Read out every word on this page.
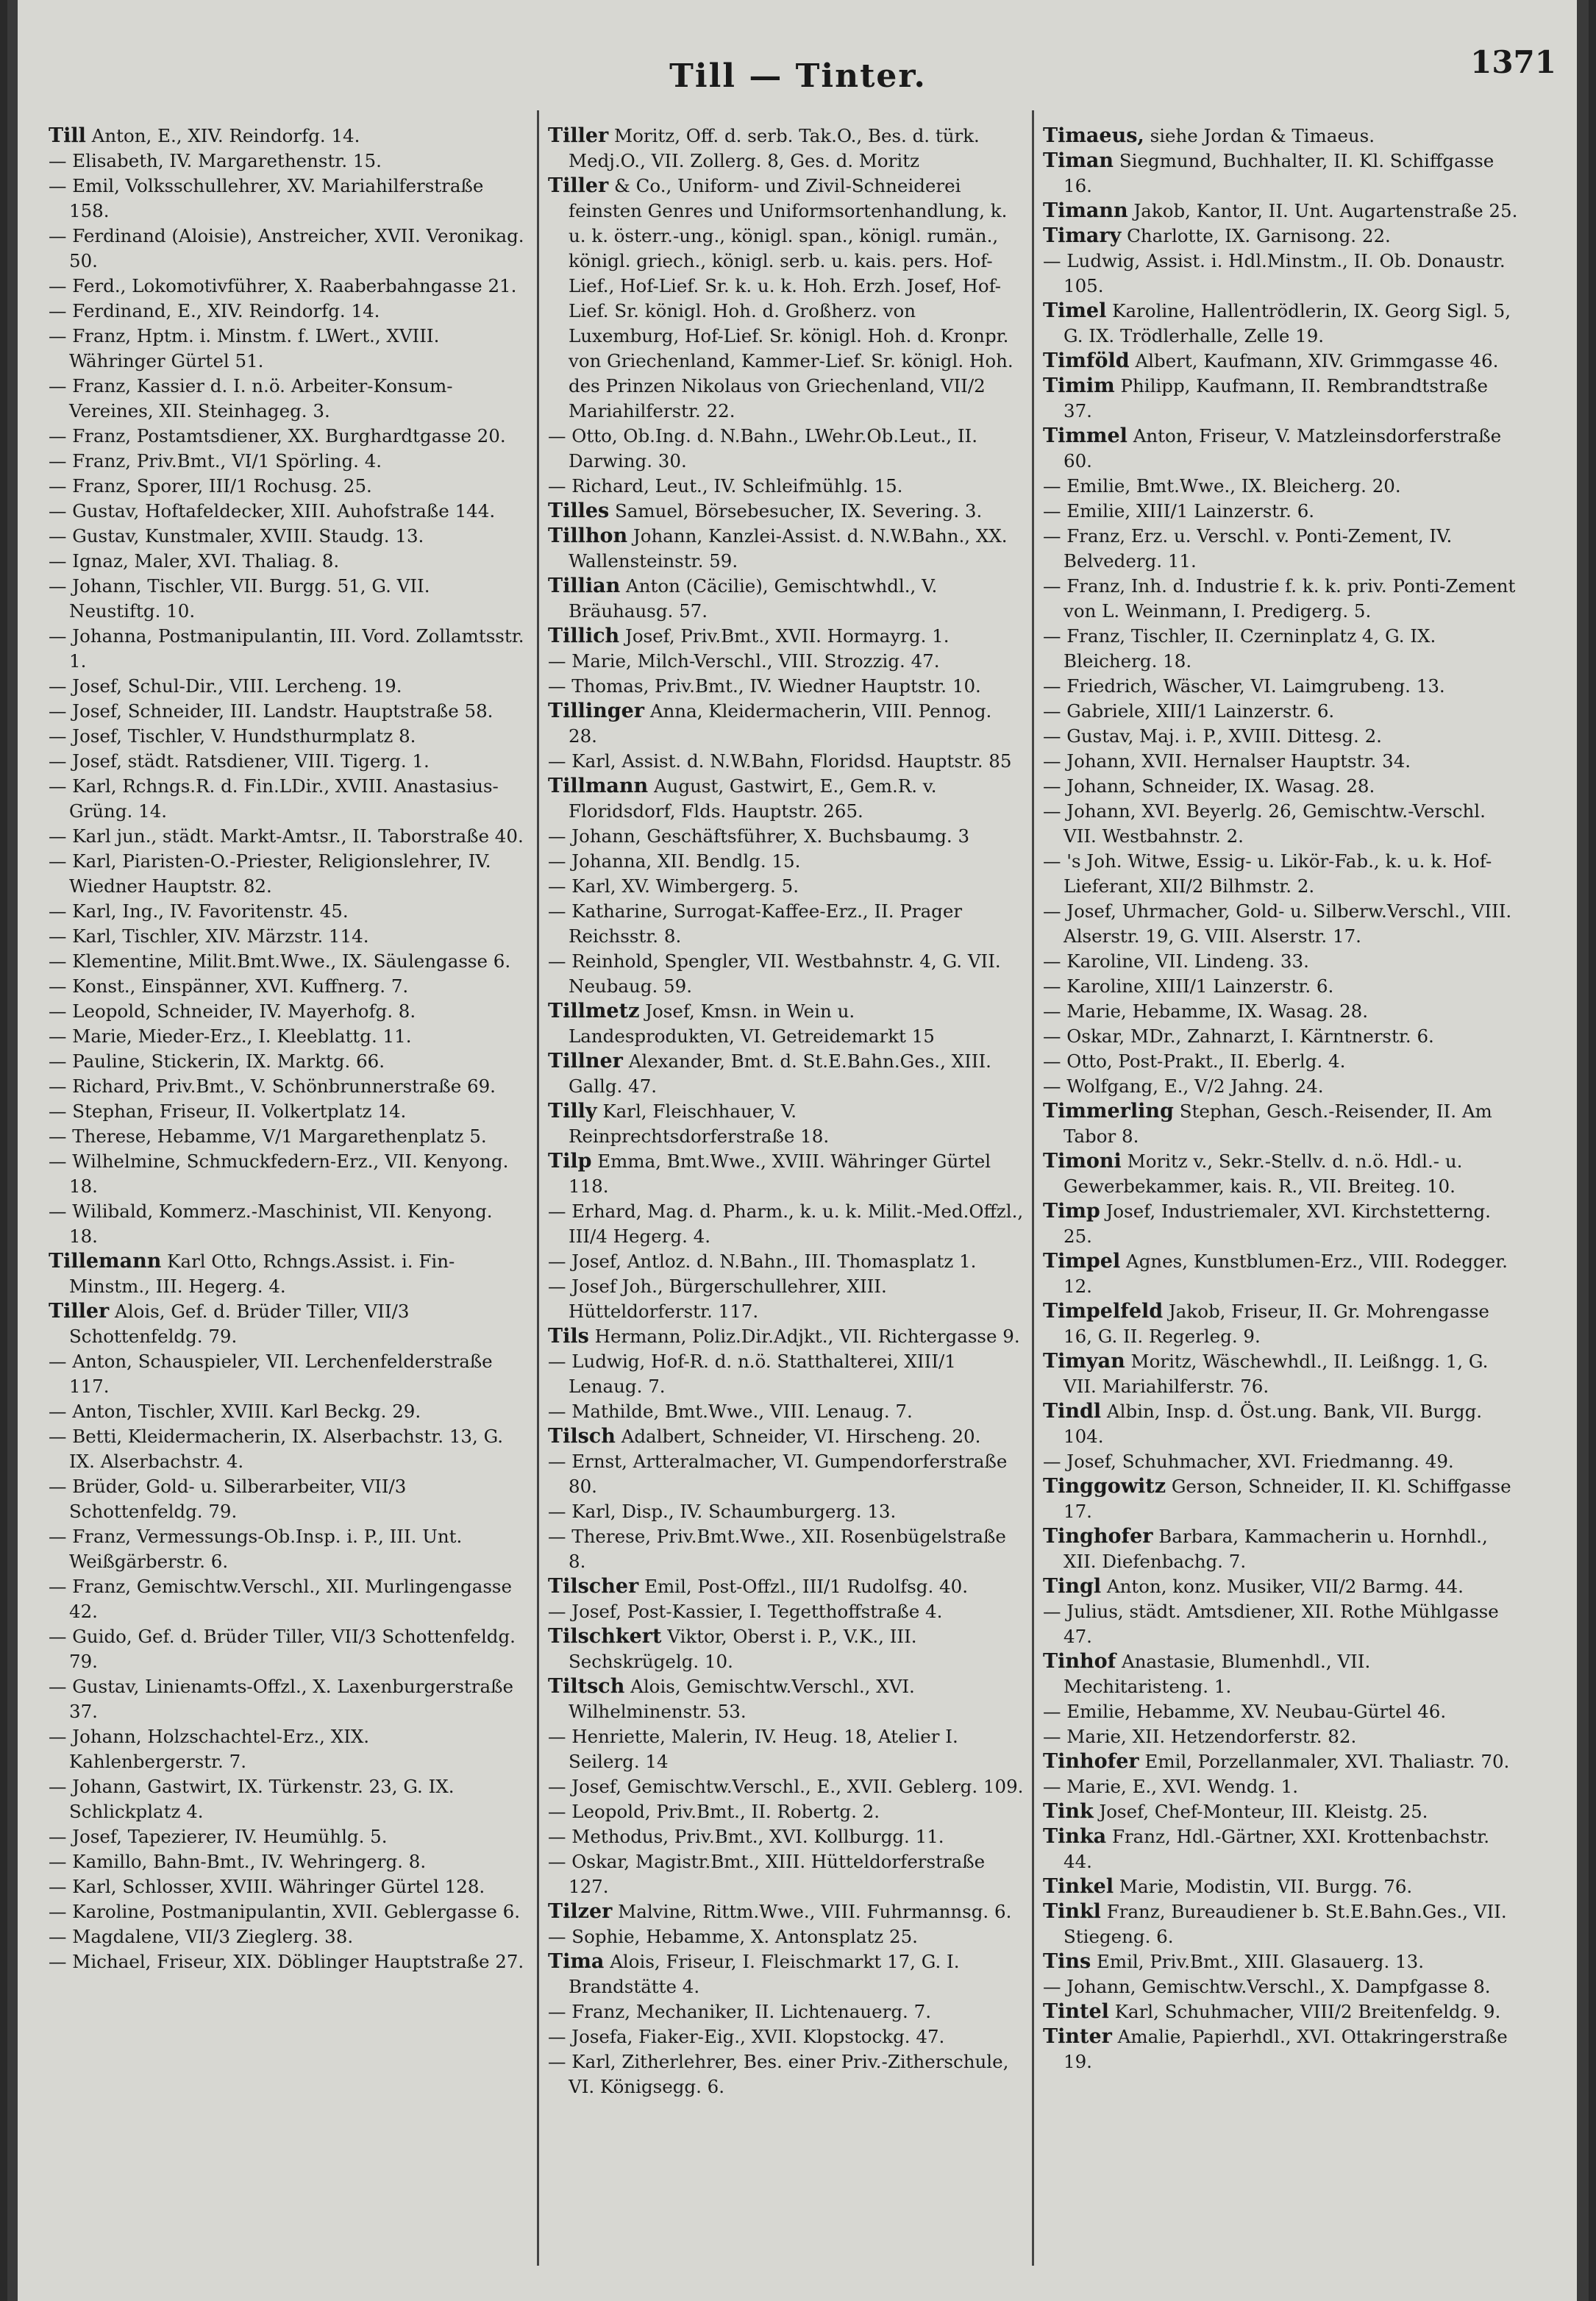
Till — Tinter.	1371

Till Anton, E., XIV. Reindorfg. 14.

— Elisabeth, IV. Margarethenstr. 15.

— Emil, Volksschullehrer, XV. Mariahilferstraße 158.

— Ferdinand (Aloisie), Anstreicher, XVII. Veronikag. 50.

— Ferd., Lokomotivführer, X. Raaberbahngasse 21.

— Ferdinand, E., XIV. Reindorfg. 14.

— Franz, Hptm. i. Minstm. f. LWert., XVIII. Währinger Gürtel 51.

— Franz, Kassier d. I. n.ö. Arbeiter-Konsum-Vereines, XII. Steinhageg. 3.

— Franz, Postamtsdiener, XX. Burghardtgasse 20.

— Franz, Priv.Bmt., VI/1 Spörling. 4.

— Franz, Sporer, III/1 Rochusg. 25.

— Gustav, Hoftafeldecker, XIII. Auhofstraße 144.

— Gustav, Kunstmaler, XVIII. Staudg. 13.

— Ignaz, Maler, XVI. Thaliag. 8.

— Johann, Tischler, VII. Burgg. 51, G. VII. Neustiftg. 10.

— Johanna, Postmanipulantin, III. Vord. Zollamtsstr. 1.

— Josef, Schul-Dir., VIII. Lercheng. 19.

— Josef, Schneider, III. Landstr. Hauptstraße 58.

— Josef, Tischler, V. Hundsthurmplatz 8.

— Josef, städt. Ratsdiener, VIII. Tigerg. 1.

— Karl, Rchngs.R. d. Fin.LDir., XVIII. Anastasius-Grüng. 14.

— Karl jun., städt. Markt-Amtsr., II. Taborstraße 40.

— Karl, Piaristen-O.-Priester, Religionslehrer, IV. Wiedner Hauptstr. 82.

— Karl, Ing., IV. Favoritenstr. 45.

— Karl, Tischler, XIV. Märzstr. 114.

— Klementine, Milit.Bmt.Wwe., IX. Säulengasse 6.

— Konst., Einspänner, XVI. Kuffnerg. 7.

— Leopold, Schneider, IV. Mayerhofg. 8.

— Marie, Mieder-Erz., I. Kleeblattg. 11.

— Pauline, Stickerin, IX. Marktg. 66.

— Richard, Priv.Bmt., V. Schönbrunnerstraße 69.

— Stephan, Friseur, II. Volkertplatz 14.

— Therese, Hebamme, V/1 Margarethenplatz 5.

— Wilhelmine, Schmuckfedern-Erz., VII. Kenyong. 18.

— Wilibald, Kommerz.-Maschinist, VII. Kenyong. 18.

Tillemann Karl Otto, Rchngs.Assist. i. Fin-Minstm., III. Hegerg. 4.

Tiller Alois, Gef. d. Brüder Tiller, VII/3 Schottenfeldg. 79.

— Anton, Schauspieler, VII. Lerchenfelderstraße 117.

— Anton, Tischler, XVIII. Karl Beckg. 29.

— Betti, Kleidermacherin, IX. Alserbachstr. 13, G. IX. Alserbachstr. 4.

— Brüder, Gold- u. Silberarbeiter, VII/3 Schottenfeldg. 79.

— Franz, Vermessungs-Ob.Insp. i. P., III. Unt. Weißgärberstr. 6.

— Franz, Gemischtw.Verschl., XII. Murlingengasse 42.

— Guido, Gef. d. Brüder Tiller, VII/3 Schottenfeldg. 79.

— Gustav, Linienamts-Offzl., X. Laxenburgerstraße 37.

— Johann, Holzschachtel-Erz., XIX. Kahlenbergerstr. 7.

— Johann, Gastwirt, IX. Türkenstr. 23, G. IX. Schlickplatz 4.

— Josef, Tapezierer, IV. Heumühlg. 5.

— Kamillo, Bahn-Bmt., IV. Wehringerg. 8.

— Karl, Schlosser, XVIII. Währinger Gürtel 128.

— Karoline, Postmanipulantin, XVII. Geblergasse 6.

— Magdalene, VII/3 Zieglerg. 38.

— Michael, Friseur, XIX. Döblinger Hauptstraße 27.

Tiller Moritz, Off. d. serb. Tak.O., Bes. d. türk. Medj.O., VII. Zollerg. 8, Ges. d. Moritz

Tiller & Co., Uniform- und Zivil-Schneiderei feinsten Genres und Uniformsortenhandlung, k. u. k. österr.-ung., königl. span., königl. rumän., königl. griech., königl. serb. u. kais. pers. Hof-Lief., Hof-Lief. Sr. k. u. k. Hoh. Erzh. Josef, Hof-Lief. Sr. königl. Hoh. d. Großherz. von Luxemburg, Hof-Lief. Sr. königl. Hoh. d. Kronpr. von Griechenland, Kammer-Lief. Sr. königl. Hoh. des Prinzen Nikolaus von Griechenland, VII/2 Mariahilferstr. 22.

— Otto, Ob.Ing. d. N.Bahn., LWehr.Ob.Leut., II. Darwing. 30.

— Richard, Leut., IV. Schleifmühlg. 15.

Tilles Samuel, Börsebesucher, IX. Severing. 3.

Tillhon Johann, Kanzlei-Assist. d. N.W.Bahn., XX. Wallensteinstr. 59.

Tillian Anton (Cäcilie), Gemischtwhdl., V. Bräuhausg. 57.

Tillich Josef, Priv.Bmt., XVII. Hormayrg. 1.

— Marie, Milch-Verschl., VIII. Strozzig. 47.

— Thomas, Priv.Bmt., IV. Wiedner Hauptstr. 10.

Tillinger Anna, Kleidermacherin, VIII. Pennog. 28.

— Karl, Assist. d. N.W.Bahn, Floridsd. Hauptstr. 85

Tillmann August, Gastwirt, E., Gem.R. v. Floridsdorf, Flds. Hauptstr. 265.

— Johann, Geschäftsführer, X. Buchsbaumg. 3

— Johanna, XII. Bendlg. 15.

— Karl, XV. Wimbergerg. 5.

— Katharine, Surrogat-Kaffee-Erz., II. Prager Reichsstr. 8.

— Reinhold, Spengler, VII. Westbahnstr. 4, G. VII. Neubaug. 59.

Tillmetz Josef, Kmsn. in Wein u. Landesprodukten, VI. Getreidemarkt 15

Tillner Alexander, Bmt. d. St.E.Bahn.Ges., XIII. Gallg. 47.

Tilly Karl, Fleischhauer, V. Reinprechtsdorferstraße 18.

Tilp Emma, Bmt.Wwe., XVIII. Währinger Gürtel 118.

— Erhard, Mag. d. Pharm., k. u. k. Milit.-Med.Offzl., III/4 Hegerg. 4.

— Josef, Antloz. d. N.Bahn., III. Thomasplatz 1.

— Josef Joh., Bürgerschullehrer, XIII. Hütteldorferstr. 117.

Tils Hermann, Poliz.Dir.Adjkt., VII. Richtergasse 9.

— Ludwig, Hof-R. d. n.ö. Statthalterei, XIII/1 Lenaug. 7.

— Mathilde, Bmt.Wwe., VIII. Lenaug. 7.

Tilsch Adalbert, Schneider, VI. Hirscheng. 20.

— Ernst, Artteralmacher, VI. Gumpendorferstraße 80.

— Karl, Disp., IV. Schaumburgerg. 13.

— Therese, Priv.Bmt.Wwe., XII. Rosenbügelstraße 8.

Tilscher Emil, Post-Offzl., III/1 Rudolfsg. 40.

— Josef, Post-Kassier, I. Tegetthoffstraße 4.

Tilschkert Viktor, Oberst i. P., V.K., III. Sechskrügelg. 10.

Tiltsch Alois, Gemischtw.Verschl., XVI. Wilhelminenstr. 53.

— Henriette, Malerin, IV. Heug. 18, Atelier I. Seilerg. 14

— Josef, Gemischtw.Verschl., E., XVII. Geblerg. 109.

— Leopold, Priv.Bmt., II. Robertg. 2.

— Methodus, Priv.Bmt., XVI. Kollburgg. 11.

— Oskar, Magistr.Bmt., XIII. Hütteldorferstraße 127.

Tilzer Malvine, Rittm.Wwe., VIII. Fuhrmannsg. 6.

— Sophie, Hebamme, X. Antonsplatz 25.

Tima Alois, Friseur, I. Fleischmarkt 17, G. I. Brandstätte 4.

— Franz, Mechaniker, II. Lichtenauerg. 7.

— Josefa, Fiaker-Eig., XVII. Klopstockg. 47.

— Karl, Zitherlehrer, Bes. einer Priv.-Zitherschule, VI. Königsegg. 6.

Timaeus, siehe Jordan & Timaeus.

Timan Siegmund, Buchhalter, II. Kl. Schiffgasse 16.

Timann Jakob, Kantor, II. Unt. Augartenstraße 25.

Timary Charlotte, IX. Garnisong. 22.

— Ludwig, Assist. i. Hdl.Minstm., II. Ob. Donaustr. 105.

Timel Karoline, Hallentrödlerin, IX. Georg Sigl. 5, G. IX. Trödlerhalle, Zelle 19.

Timföld Albert, Kaufmann, XIV. Grimmgasse 46.

Timim Philipp, Kaufmann, II. Rembrandtstraße 37.

Timmel Anton, Friseur, V. Matzleinsdorferstraße 60.

— Emilie, Bmt.Wwe., IX. Bleicherg. 20.

— Emilie, XIII/1 Lainzerstr. 6.

— Franz, Erz. u. Verschl. v. Ponti-Zement, IV. Belvederg. 11.

— Franz, Inh. d. Industrie f. k. k. priv. Ponti-Zement von L. Weinmann, I. Predigerg. 5.

— Franz, Tischler, II. Czerninplatz 4, G. IX. Bleicherg. 18.

— Friedrich, Wäscher, VI. Laimgrubeng. 13.

— Gabriele, XIII/1 Lainzerstr. 6.

— Gustav, Maj. i. P., XVIII. Dittesg. 2.

— Johann, XVII. Hernalser Hauptstr. 34.

— Johann, Schneider, IX. Wasag. 28.

— Johann, XVI. Beyerlg. 26, Gemischtw.-Verschl. VII. Westbahnstr. 2.

— 's Joh. Witwe, Essig- u. Likör-Fab., k. u. k. Hof-Lieferant, XII/2 Bilhmstr. 2.

— Josef, Uhrmacher, Gold- u. Silberw.Verschl., VIII. Alserstr. 19, G. VIII. Alserstr. 17.

— Karoline, VII. Lindeng. 33.

— Karoline, XIII/1 Lainzerstr. 6.

— Marie, Hebamme, IX. Wasag. 28.

— Oskar, MDr., Zahnarzt, I. Kärntnerstr. 6.

— Otto, Post-Prakt., II. Eberlg. 4.

— Wolfgang, E., V/2 Jahng. 24.

Timmerling Stephan, Gesch.-Reisender, II. Am Tabor 8.

Timoni Moritz v., Sekr.-Stellv. d. n.ö. Hdl.- u. Gewerbekammer, kais. R., VII. Breiteg. 10.

Timp Josef, Industriemaler, XVI. Kirchstetterng. 25.

Timpel Agnes, Kunstblumen-Erz., VIII. Rodegger. 12.

Timpelfeld Jakob, Friseur, II. Gr. Mohrengasse 16, G. II. Regerleg. 9.

Timyan Moritz, Wäschewhdl., II. Leißngg. 1, G. VII. Mariahilferstr. 76.

Tindl Albin, Insp. d. Öst.ung. Bank, VII. Burgg. 104.

— Josef, Schuhmacher, XVI. Friedmanng. 49.

Tinggowitz Gerson, Schneider, II. Kl. Schiffgasse 17.

Tinghofer Barbara, Kammacherin u. Hornhdl., XII. Diefenbachg. 7.

Tingl Anton, konz. Musiker, VII/2 Barmg. 44.

— Julius, städt. Amtsdiener, XII. Rothe Mühlgasse 47.

Tinhof Anastasie, Blumenhdl., VII. Mechitaristeng. 1.

— Emilie, Hebamme, XV. Neubau-Gürtel 46.

— Marie, XII. Hetzendorferstr. 82.

Tinhofer Emil, Porzellanmaler, XVI. Thaliastr. 70.

— Marie, E., XVI. Wendg. 1.

Tink Josef, Chef-Monteur, III. Kleistg. 25.

Tinka Franz, Hdl.-Gärtner, XXI. Krottenbachstr. 44.

Tinkel Marie, Modistin, VII. Burgg. 76.

Tinkl Franz, Bureaudiener b. St.E.Bahn.Ges., VII. Stiegeng. 6.

Tins Emil, Priv.Bmt., XIII. Glasauerg. 13.

— Johann, Gemischtw.Verschl., X. Dampfgasse 8.

Tintel Karl, Schuhmacher, VIII/2 Breitenfeldg. 9.

Tinter Amalie, Papierhdl., XVI. Ottakringerstraße 19.
